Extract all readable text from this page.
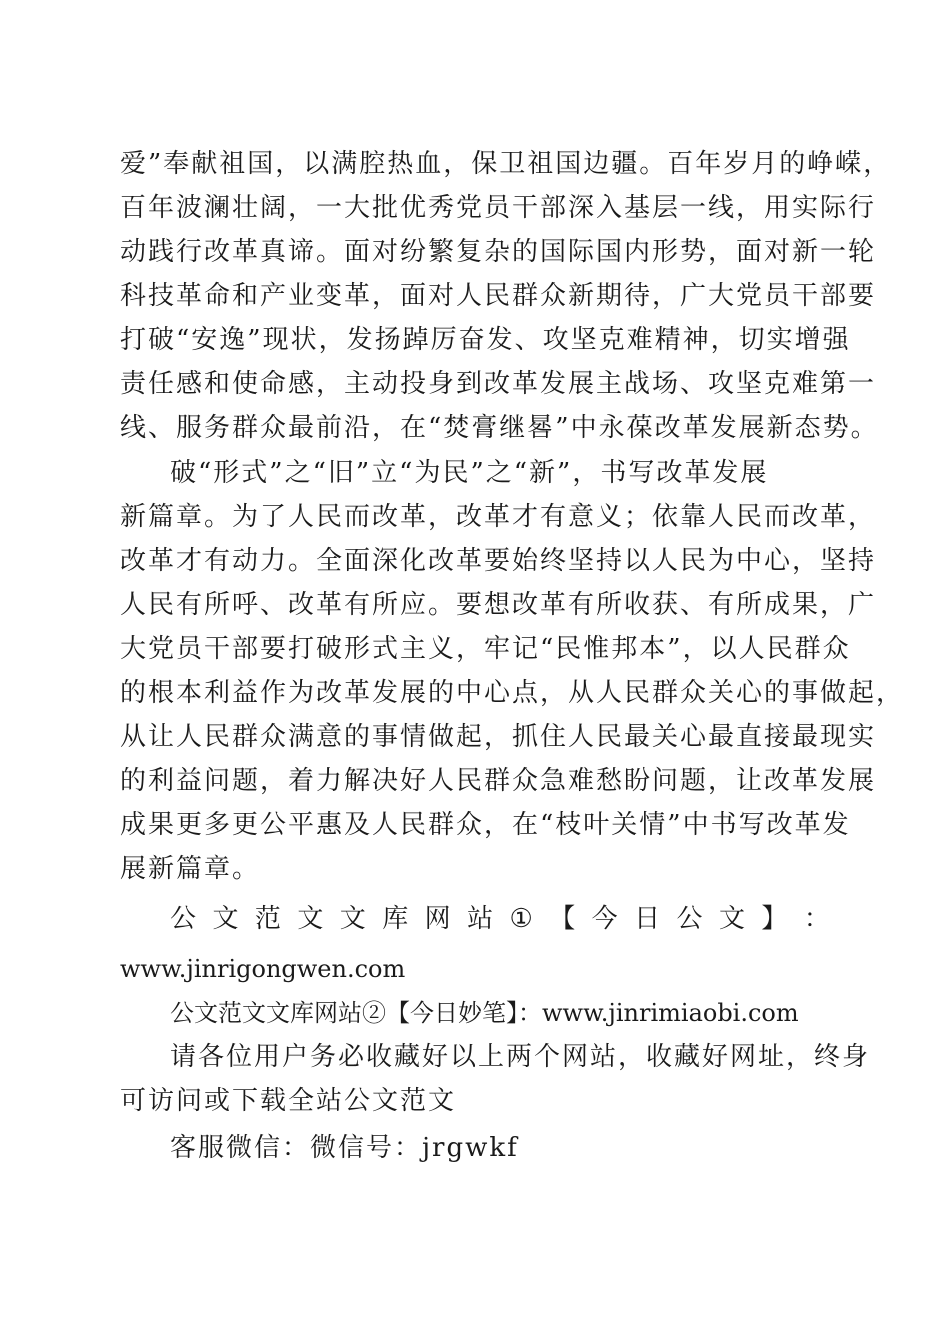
爱”奉献祖国，以满腔热血，保卫祖国边疆。百年岁月的峥嵘，
百年波澜壮阔，一大批优秀党员干部深入基层一线，用实际行
动践行改革真谛。面对纷繁复杂的国际国内形势，面对新一轮
科技革命和产业变革，面对人民群众新期待，广大党员干部要
打破“安逸”现状，发扬踔厉奋发、攻坚克难精神，切实增强
责任感和使命感，主动投身到改革发展主战场、攻坚克难第一
线、服务群众最前沿，在“焚膏继晷”中永葆改革发展新态势。
破“形式”之“旧”立“为民”之“新”，书写改革发展
新篇章。为了人民而改革，改革才有意义；依靠人民而改革，
改革才有动力。全面深化改革要始终坚持以人民为中心，坚持
人民有所呼、改革有所应。要想改革有所收获、有所成果，广
大党员干部要打破形式主义，牢记“民惟邦本”，以人民群众
的根本利益作为改革发展的中心点，从人民群众关心的事做起，
从让人民群众满意的事情做起，抓住人民最关心最直接最现实
的利益问题，着力解决好人民群众急难愁盼问题，让改革发展
成果更多更公平惠及人民群众，在“枝叶关情”中书写改革发
展新篇章。
公 文 范 文 文 库 网 站 ① 【 今 日 公 文 】 ：
www.jinrigongwen.com
公文范文文库网站②【今日妙笔】：www.jinrimiaobi.com
请各位用户务必收藏好以上两个网站，收藏好网址，终身
可访问或下载全站公文范文
客服微信：微信号：jrgwkf
